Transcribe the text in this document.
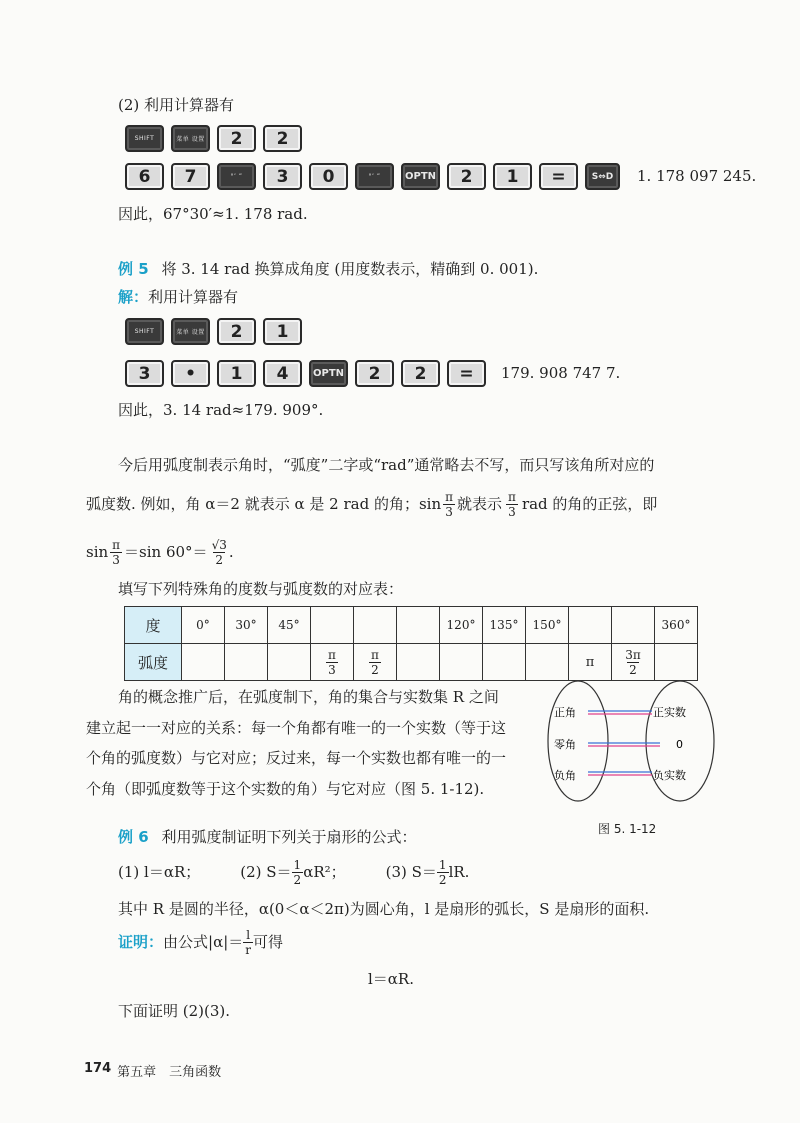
(2) 利用计算器有
SHIFT	菜单 设置	2	2
6	7	°’ ”	3	0	°’ ”	OPTN	2	1	=	S⇔D	1. 178 097 245.
因此，67°30′≈1. 178 rad.
例 5 将 3. 14 rad 换算成角度 (用度数表示，精确到 0. 001).
解：利用计算器有
SHIFT	菜单 设置	2	1
3	•	1	4	OPTN	2	2	=	179. 908 747 7.
因此，3. 14 rad≈179. 909°.
今后用弧度制表示角时，“弧度”二字或“rad”通常略去不写，而只写该角所对应的
弧度数. 例如，角 α＝2 就表示 α 是 2 rad 的角；$\sin \frac{\pi}{3}$ 就表示 $\frac{\pi}{3}$ rad 的角的正弦，即
$\sin \frac{\pi}{3} =\sin$ $60^\circ= \frac{√3}{2}$ .
填写下列特殊角的度数与弧度数的对应表：
度	0°	30°	45°				120°	135°	150°			360°
弧度				$\frac{\pi}{3}$	$\frac{\pi}{2}$					π	$\frac{3\pi}{2}$

角的概念推广后，在弧度制下，角的集合与实数集 R 之间
建立起一一对应的关系：每一个角都有唯一的一个实数（等于这
个角的弧度数）与它对应；反过来，每一个实数也都有唯一的一
个角（即弧度数等于这个实数的角）与它对应（图 5. 1-12).
正角
零角
负角
正实数
0
负实数
图 5. 1-12
例 6 利用弧度制证明下列关于扇形的公式：
(1) l＝αR；	(2) $S= \frac{1}{2} \alpha R^2$；	(3) $S= \frac{1}{2}$ lR.
其中 R 是圆的半径，α(0＜α＜2π)为圆心角，l 是扇形的弧长，S 是扇形的面积.
证明： 由公式$|\alpha|= \frac{l}{r}$ 可得
l＝αR.
下面证明 (2)(3).
174 第五章　三角函数
